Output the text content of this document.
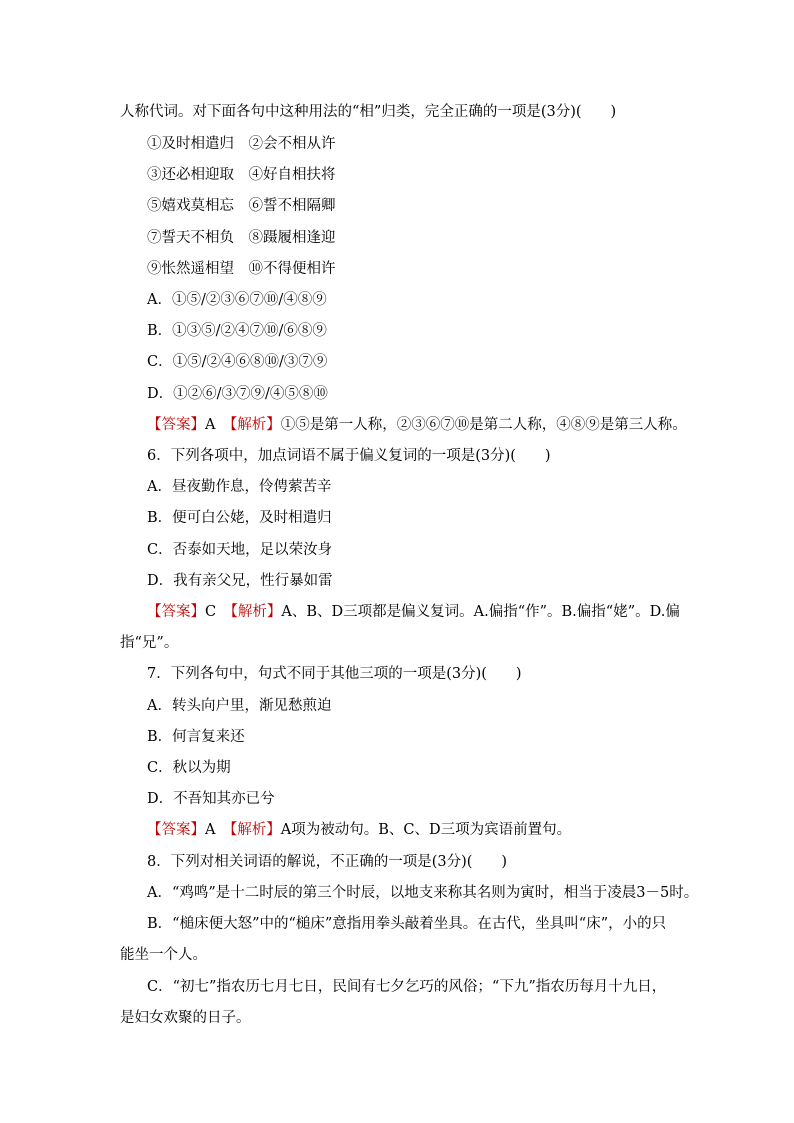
人称代词。对下面各句中这种用法的“相”归类，完全正确的一项是(3分)(　　)
①及时相遣归　②会不相从许
③还必相迎取　④好自相扶将
⑤嬉戏莫相忘　⑥誓不相隔卿
⑦誓天不相负　⑧蹑履相逢迎
⑨怅然遥相望　⑩不得便相许
A．①⑤/②③⑥⑦⑩/④⑧⑨
B．①③⑤/②④⑦⑩/⑥⑧⑨
C．①⑤/②④⑥⑧⑩/③⑦⑨
D．①②⑥/③⑦⑨/④⑤⑧⑩
【答案】A　【解析】①⑤是第一人称，②③⑥⑦⑩是第二人称，④⑧⑨是第三人称。
6．下列各项中，加点词语不属于偏义复词的一项是(3分)(　　)
A．昼夜勤作息，伶俜萦苦辛
B．便可白公姥，及时相遣归
C．否泰如天地，足以荣汝身
D．我有亲父兄，性行暴如雷
【答案】C　【解析】A、B、D三项都是偏义复词。A.偏指“作”。B.偏指“姥”。D.偏
指“兄”。
7．下列各句中，句式不同于其他三项的一项是(3分)(　　)
A．转头向户里，渐见愁煎迫
B．何言复来还
C．秋以为期
D．不吾知其亦已兮
【答案】A　【解析】A项为被动句。B、C、D三项为宾语前置句。
8．下列对相关词语的解说，不正确的一项是(3分)(　　)
A．“鸡鸣”是十二时辰的第三个时辰，以地支来称其名则为寅时，相当于凌晨3－5时。
B．“槌床便大怒”中的“槌床”意指用拳头敲着坐具。在古代，坐具叫“床”，小的只
能坐一个人。
C．“初七”指农历七月七日，民间有七夕乞巧的风俗；“下九”指农历每月十九日，
是妇女欢聚的日子。
